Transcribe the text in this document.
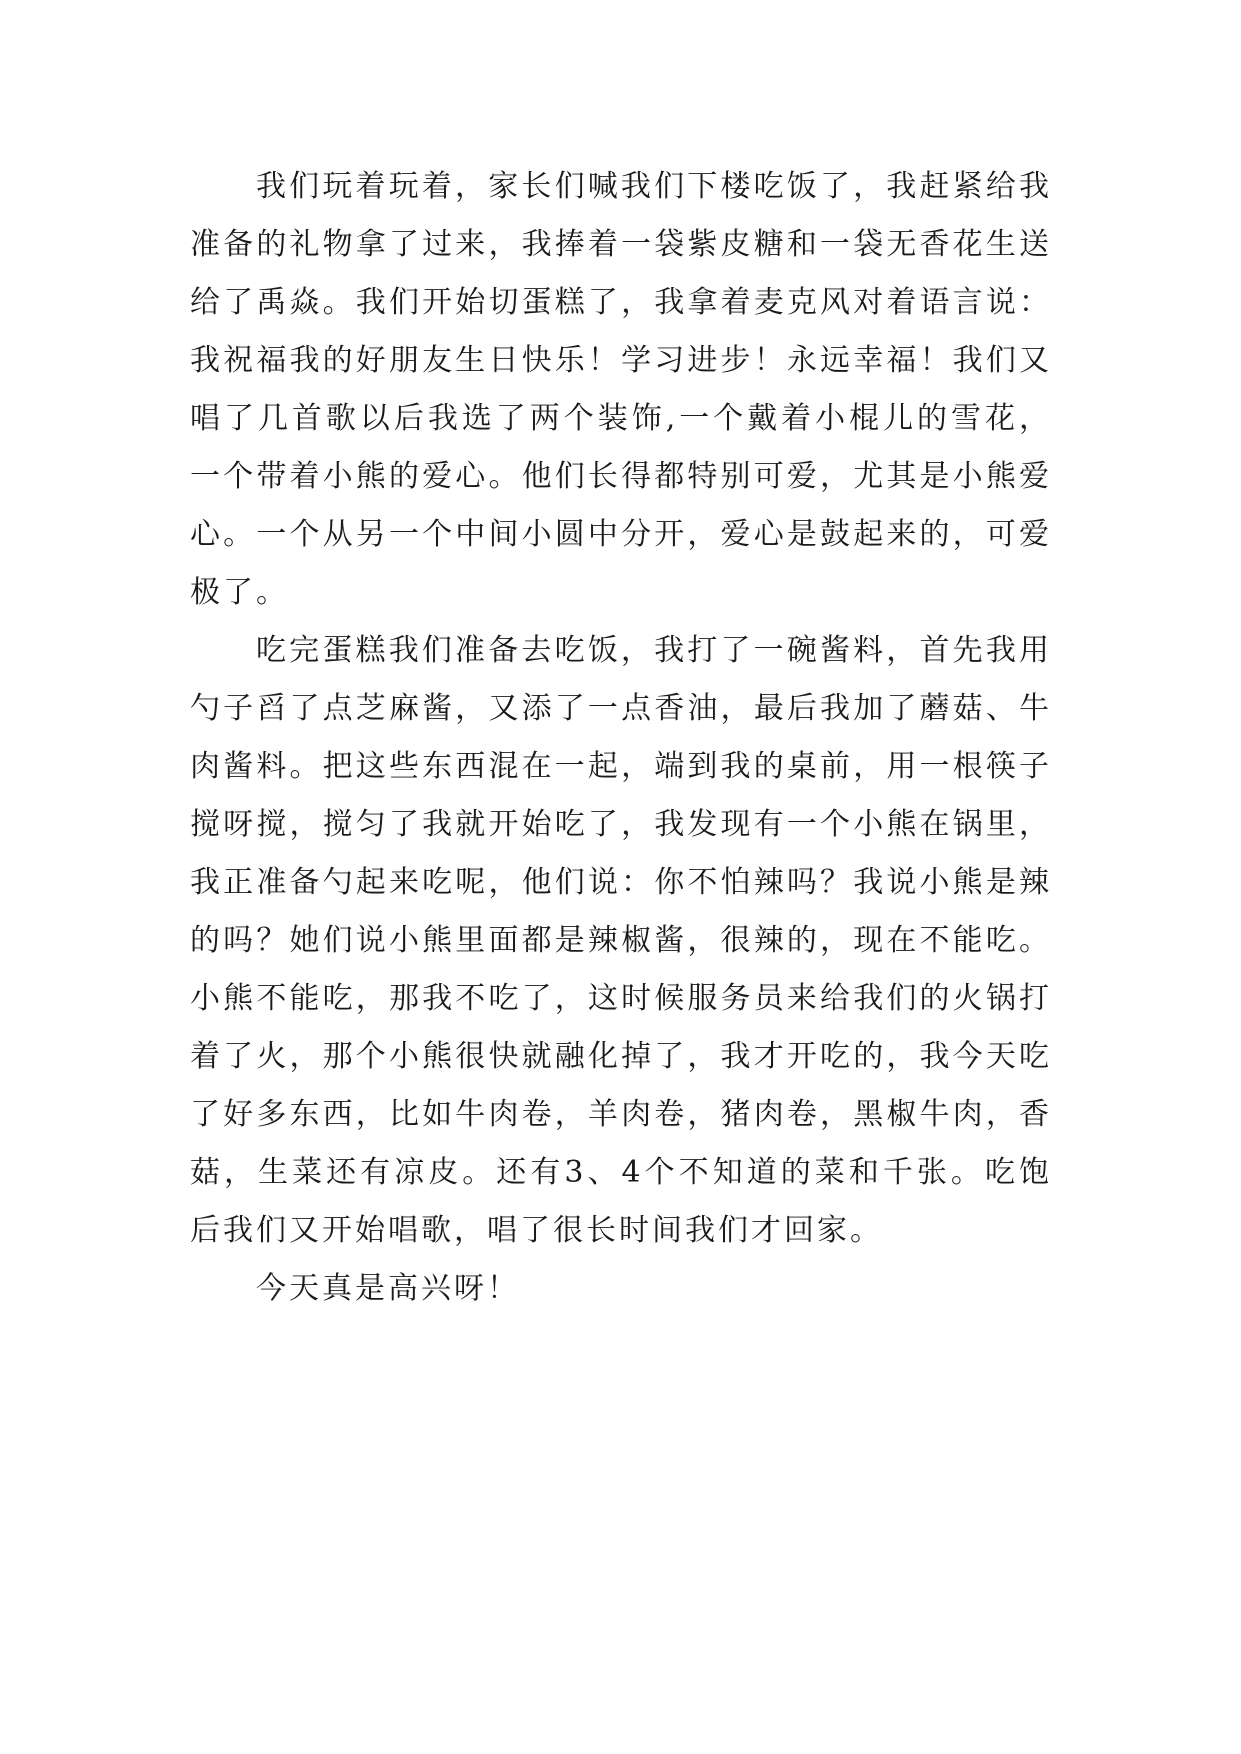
我们玩着玩着，家长们喊我们下楼吃饭了，我赶紧给我准备的礼物拿了过来，我捧着一袋紫皮糖和一袋无香花生送给了禹焱。我们开始切蛋糕了，我拿着麦克风对着语言说：我祝福我的好朋友生日快乐！学习进步！永远幸福！我们又唱了几首歌以后我选了两个装饰,一个戴着小棍儿的雪花，一个带着小熊的爱心。他们长得都特别可爱，尤其是小熊爱心。一个从另一个中间小圆中分开，爱心是鼓起来的，可爱极了。

吃完蛋糕我们准备去吃饭，我打了一碗酱料，首先我用勺子舀了点芝麻酱，又添了一点香油，最后我加了蘑菇、牛肉酱料。把这些东西混在一起，端到我的桌前，用一根筷子搅呀搅，搅匀了我就开始吃了，我发现有一个小熊在锅里，我正准备勺起来吃呢，他们说：你不怕辣吗？我说小熊是辣的吗？她们说小熊里面都是辣椒酱，很辣的，现在不能吃。小熊不能吃，那我不吃了，这时候服务员来给我们的火锅打着了火，那个小熊很快就融化掉了，我才开吃的，我今天吃了好多东西，比如牛肉卷，羊肉卷，猪肉卷，黑椒牛肉，香菇，生菜还有凉皮。还有3、4个不知道的菜和千张。吃饱后我们又开始唱歌，唱了很长时间我们才回家。

今天真是高兴呀！
